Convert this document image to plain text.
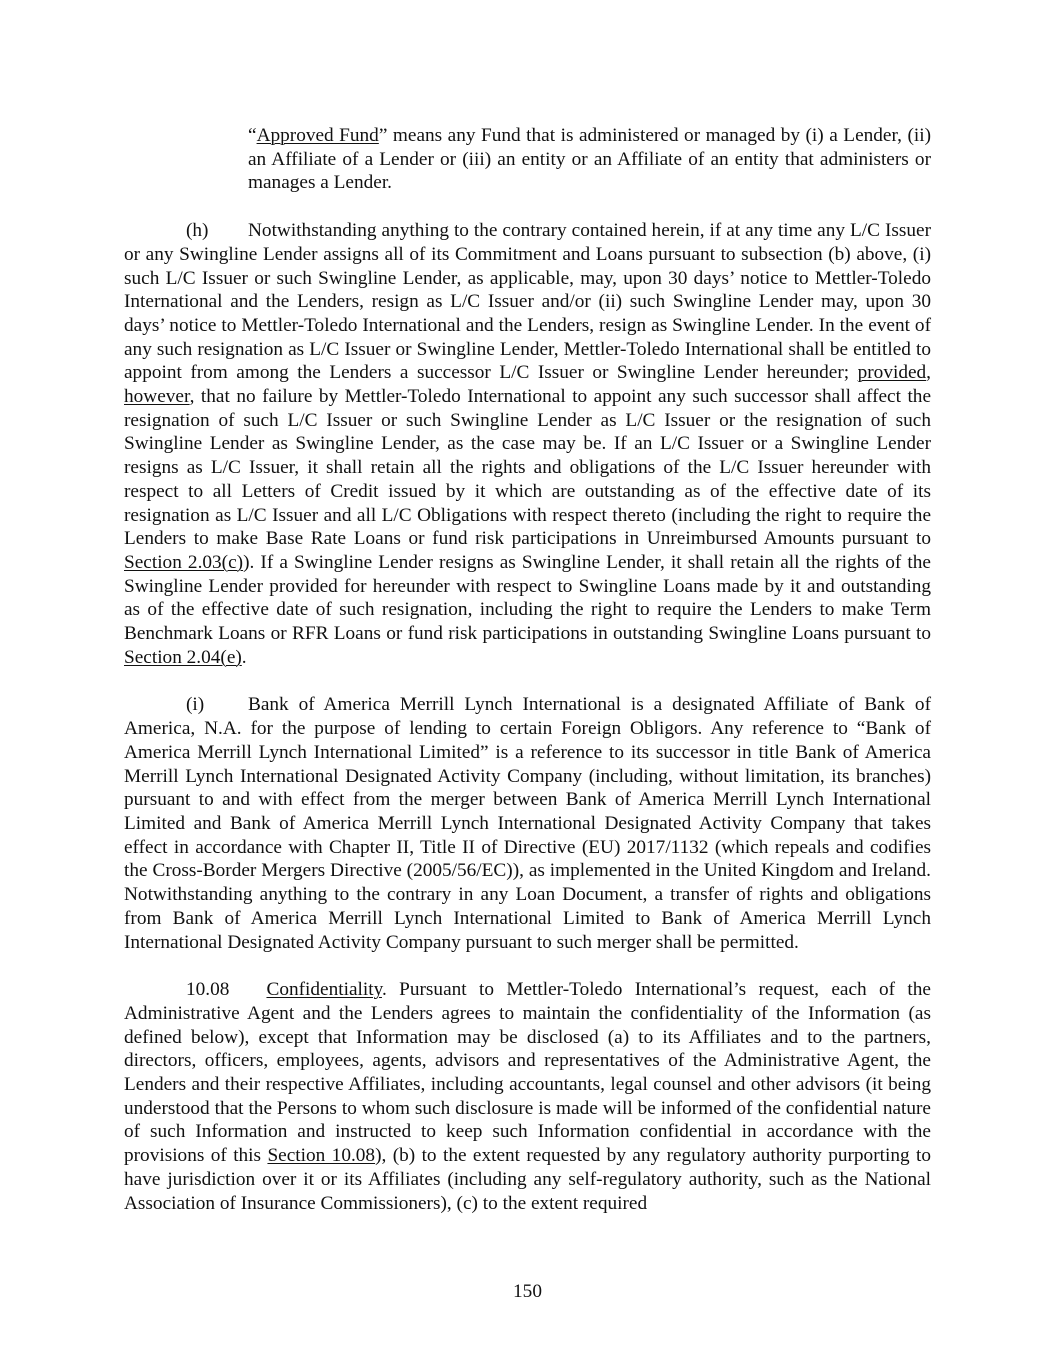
“Approved Fund” means any Fund that is administered or managed by (i) a Lender, (ii) an Affiliate of a Lender or (iii) an entity or an Affiliate of an entity that administers or manages a Lender.

(h) Notwithstanding anything to the contrary contained herein, if at any time any L/C Issuer or any Swingline Lender assigns all of its Commitment and Loans pursuant to subsection (b) above, (i) such L/C Issuer or such Swingline Lender, as applicable, may, upon 30 days’ notice to Mettler-Toledo International and the Lenders, resign as L/C Issuer and/or (ii) such Swingline Lender may, upon 30 days’ notice to Mettler-Toledo International and the Lenders, resign as Swingline Lender. In the event of any such resignation as L/C Issuer or Swingline Lender, Mettler-Toledo International shall be entitled to appoint from among the Lenders a successor L/C Issuer or Swingline Lender hereunder; provided, however, that no failure by Mettler-Toledo International to appoint any such successor shall affect the resignation of such L/C Issuer or such Swingline Lender as L/C Issuer or the resignation of such Swingline Lender as Swingline Lender, as the case may be. If an L/C Issuer or a Swingline Lender resigns as L/C Issuer, it shall retain all the rights and obligations of the L/C Issuer hereunder with respect to all Letters of Credit issued by it which are outstanding as of the effective date of its resignation as L/C Issuer and all L/C Obligations with respect thereto (including the right to require the Lenders to make Base Rate Loans or fund risk participations in Unreimbursed Amounts pursuant to Section 2.03(c)). If a Swingline Lender resigns as Swingline Lender, it shall retain all the rights of the Swingline Lender provided for hereunder with respect to Swingline Loans made by it and outstanding as of the effective date of such resignation, including the right to require the Lenders to make Term Benchmark Loans or RFR Loans or fund risk participations in outstanding Swingline Loans pursuant to Section 2.04(e).

(i) Bank of America Merrill Lynch International is a designated Affiliate of Bank of America, N.A. for the purpose of lending to certain Foreign Obligors. Any reference to “Bank of America Merrill Lynch International Limited” is a reference to its successor in title Bank of America Merrill Lynch International Designated Activity Company (including, without limitation, its branches) pursuant to and with effect from the merger between Bank of America Merrill Lynch International Limited and Bank of America Merrill Lynch International Designated Activity Company that takes effect in accordance with Chapter II, Title II of Directive (EU) 2017/1132 (which repeals and codifies the Cross-Border Mergers Directive (2005/56/EC)), as implemented in the United Kingdom and Ireland. Notwithstanding anything to the contrary in any Loan Document, a transfer of rights and obligations from Bank of America Merrill Lynch International Limited to Bank of America Merrill Lynch International Designated Activity Company pursuant to such merger shall be permitted.

10.08 Confidentiality. Pursuant to Mettler-Toledo International’s request, each of the Administrative Agent and the Lenders agrees to maintain the confidentiality of the Information (as defined below), except that Information may be disclosed (a) to its Affiliates and to the partners, directors, officers, employees, agents, advisors and representatives of the Administrative Agent, the Lenders and their respective Affiliates, including accountants, legal counsel and other advisors (it being understood that the Persons to whom such disclosure is made will be informed of the confidential nature of such Information and instructed to keep such Information confidential in accordance with the provisions of this Section 10.08), (b) to the extent requested by any regulatory authority purporting to have jurisdiction over it or its Affiliates (including any self-regulatory authority, such as the National Association of Insurance Commissioners), (c) to the extent required

150
